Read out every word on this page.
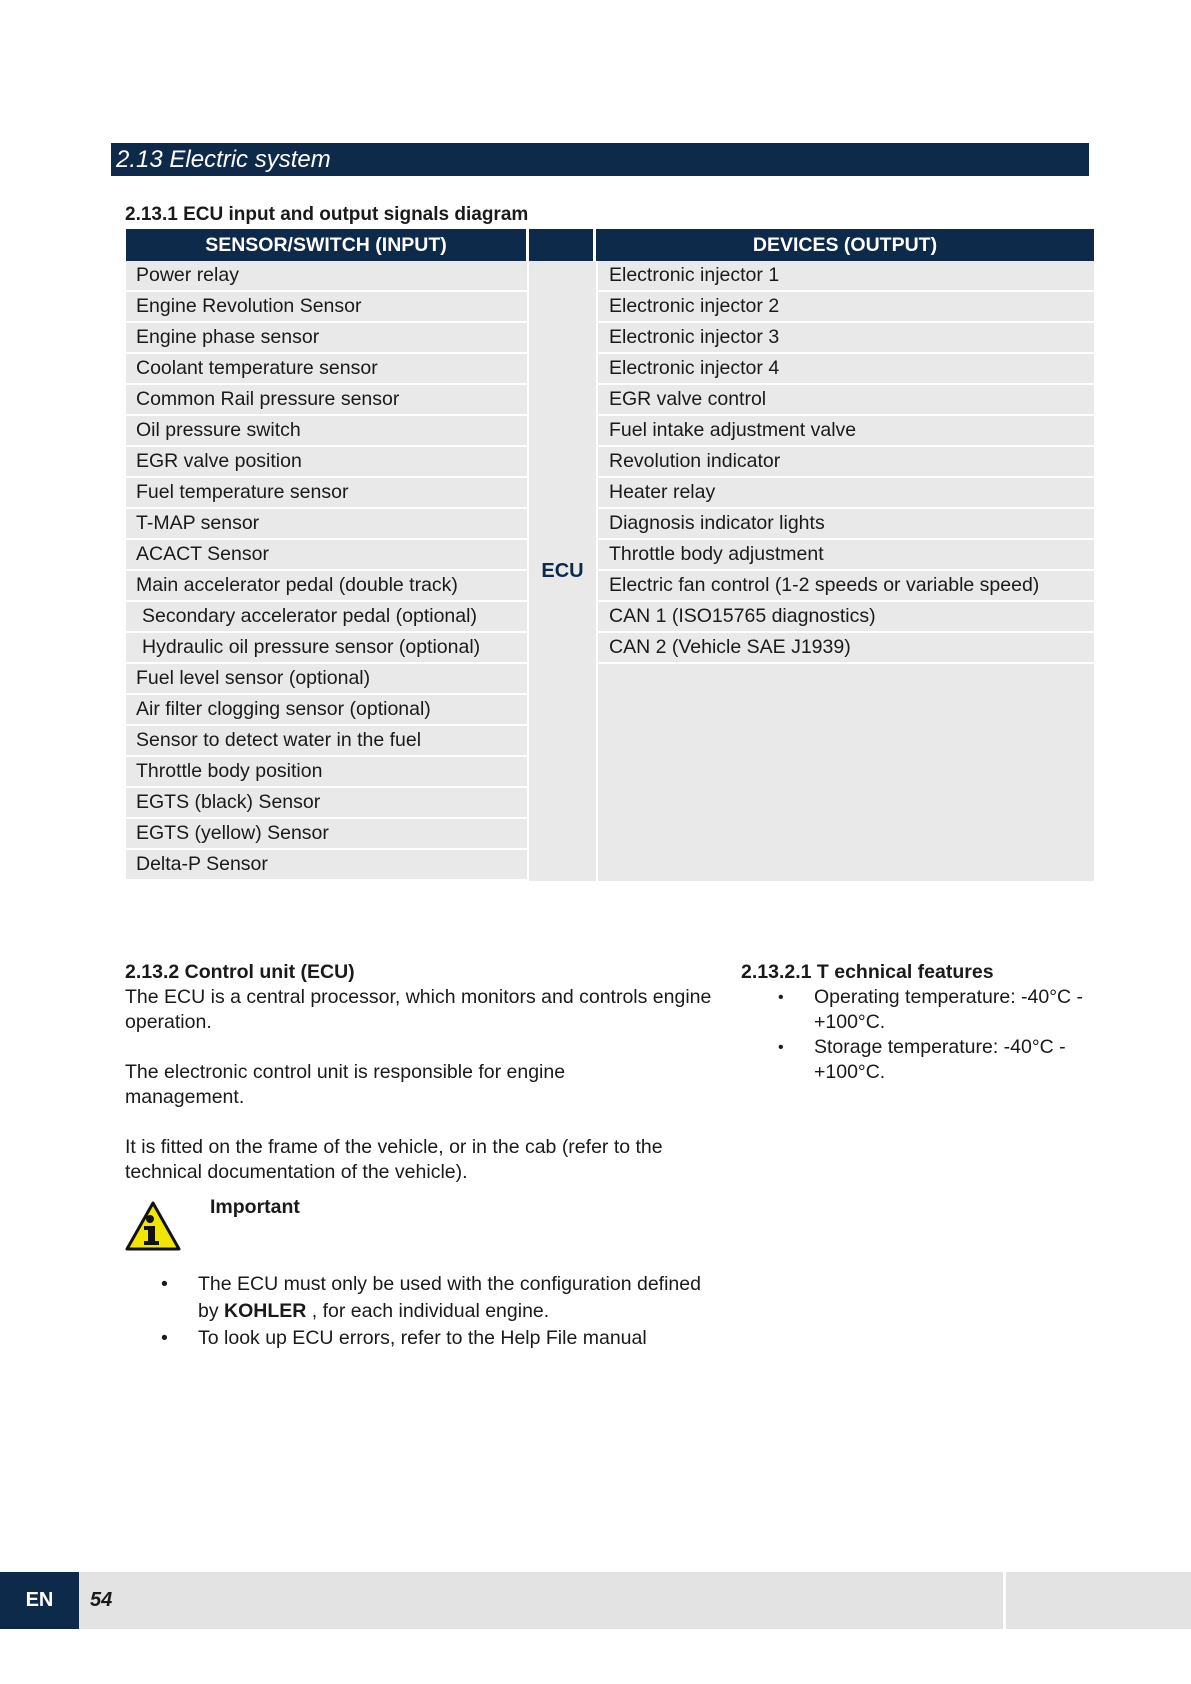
2.13 Electric system
2.13.1 ECU input and output signals diagram
SENSOR/SWITCH (INPUT)		DEVICES (OUTPUT)
Power relay	ECU	Electronic injector 1
Engine Revolution Sensor		Electronic injector 2
Engine phase sensor		Electronic injector 3
Coolant temperature sensor		Electronic injector 4
Common Rail pressure sensor		EGR valve control
Oil pressure switch		Fuel intake adjustment valve
EGR valve position		Revolution indicator
Fuel temperature sensor		Heater relay
T-MAP sensor		Diagnosis indicator lights
ACACT Sensor		Throttle body adjustment
Main accelerator pedal (double track)		Electric fan control (1-2 speeds or variable speed)
Secondary accelerator pedal (optional)		CAN 1 (ISO15765 diagnostics)
Hydraulic oil pressure sensor (optional)		CAN 2 (Vehicle SAE J1939)
Fuel level sensor (optional)		
Air filter clogging sensor (optional)		
Sensor to detect water in the fuel		
Throttle body position		
EGTS (black) Sensor		
EGTS (yellow) Sensor		
Delta-P Sensor		
2.13.2 Control unit (ECU)

The ECU is a central processor, which monitors and controls engine operation.

The electronic control unit is responsible for engine management.

It is fitted on the frame of the vehicle, or in the cab (refer to the technical documentation of the vehicle).

Important
• The ECU must only be used with the configuration defined by KOHLER , for each individual engine.
• To look up ECU errors, refer to the Help File manual
2.13.2.1 T echnical features
• Operating temperature: -40°C - +100°C.
• Storage temperature: -40°C - +100°C.
EN	54
